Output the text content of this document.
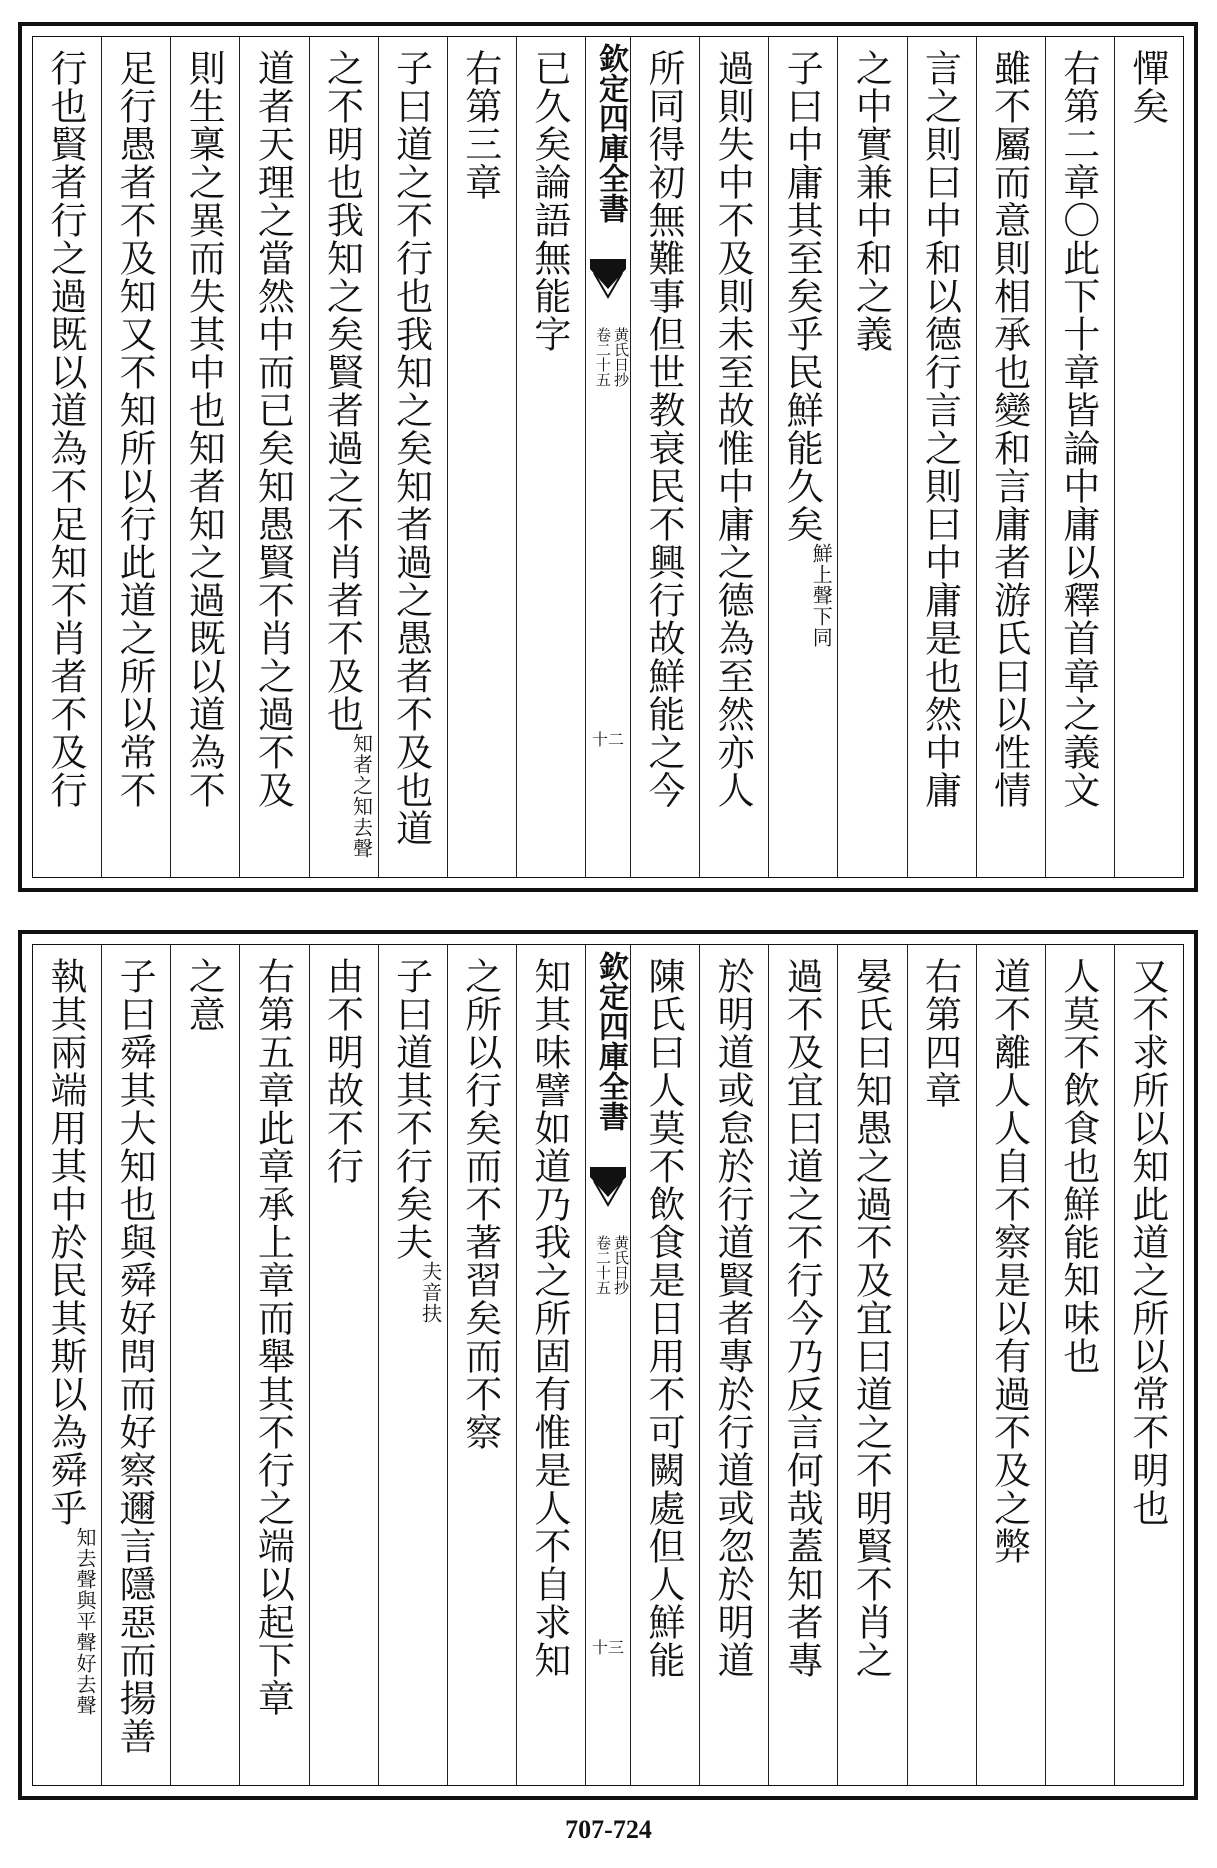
憚矣
右第二章〇此下十章皆論中庸以釋首章之義文
雖不屬而意則相承也變和言庸者游氏曰以性情
言之則曰中和以德行言之則曰中庸是也然中庸
之中實兼中和之義
子曰中庸其至矣乎民鮮能久矣鮮上聲下同
過則失中不及則未至故惟中庸之德為至然亦人
所同得初無難事但世教衰民不興行故鮮能之今
欽定四庫全書
黄氏日抄
卷二十五
十二
已久矣論語無能字
右第三章
子曰道之不行也我知之矣知者過之愚者不及也道
之不明也我知之矣賢者過之不肖者不及也知者之知去聲
道者天理之當然中而已矣知愚賢不肖之過不及
則生稟之異而失其中也知者知之過既以道為不
足行愚者不及知又不知所以行此道之所以常不
行也賢者行之過既以道為不足知不肖者不及行
又不求所以知此道之所以常不明也
人莫不飲食也鮮能知味也
道不離人人自不察是以有過不及之弊
右第四章
晏氏曰知愚之過不及宜曰道之不明賢不肖之
過不及宜曰道之不行今乃反言何哉蓋知者專
於明道或怠於行道賢者專於行道或忽於明道
陳氏曰人莫不飲食是日用不可闕處但人鮮能
欽定四庫全書
黄氏日抄
卷二十五
十三
知其味譬如道乃我之所固有惟是人不自求知
之所以行矣而不著習矣而不察
子曰道其不行矣夫夫音扶
由不明故不行
右第五章此章承上章而舉其不行之端以起下章
之意
子曰舜其大知也與舜好問而好察邇言隱惡而揚善
執其兩端用其中於民其斯以為舜乎知去聲與平聲好去聲
707-724
